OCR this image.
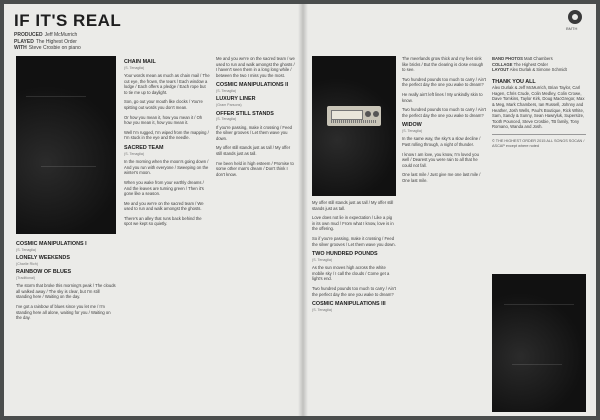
IF IT'S REAL
PRODUCED Jeff McMurrich
PLAYED The Highest Order
WITH Steve Crosbie on piano
BMTH
COSMIC MANIPULATIONS I
(S. Tenaglia)
LONELY WEEKENDS
(Charlie Rich)
RAINBOW OF BLUES
(Traditional)

The storm that broke this morning's peak / The clouds all walked away / The sky is clear, but I'm still standing here / Waiting on the day.

I've got a rainbow of blues since you let me / I'm standing here all alone, waiting for you / Waiting on the day.

CHAIN MAIL
(S. Tenaglia)

Your words mean as much as chain mail / The cut eye, the frown, the tears / Each window a lodge / Each offers a pledge / Each rope but to tie me up to daylight.

Son, go out your mouth like clocks / You're spitting out words you don't mean.

Or how you mean it, how you mean it / Oh how you mean it, how you mean it.

Well I'm rugged, I'm wiped from the mapping / I'm stuck in the eye and the needle.

SACRED TEAM
(S. Tenaglia)

In the morning when the moon's going down / And you run with everyone / Sweeping on the winter's moon.

When you wake from your earthly dreams / And the leaves are turning green / Then it's gone like a season.

Me and you we're on the sacred team / We used to run and walk amongst the ghosts.

There's an alley that runs back behind the spot we kept so quietly.

Me and you we're on the sacred team / we used to run and walk amongst the ghosts / I haven't seen them in a long long while / between the two I miss you the most.

COSMIC MANIPULATIONS II
(S. Tenaglia)
LUXURY LINER
(Gram Parsons)
OFFER STILL STANDS
(S. Tenaglia)

If you're passing, make it crossing / Feed the silver grooves / Let them wave you down.

My offer still stands just as tall / My offer still stands just as tall.

I've been held in high esteem / Promise to some other man's dream / Don't think I don't know.

My offer still stands just as tall / My offer still stands just as tall.

Love does not lie in expectation / Like a pig in its own mud / From what I know, love is in the offering.

So if you're passing, make it crossing / Feed the silver grooves / Let them wave you down.

TWO HUNDRED POUNDS
(S. Tenaglia)

As the sun moves high across the white mobile sky / I call the clouds / Come get a light's end.

Two hundred pounds too much to carry / Ain't the perfect day the one you wake to dream?

COSMIC MANIPULATIONS III
(S. Tenaglia)

The meerlands grow thick and my feet sink like bricks / But the clearing is close enough to see.

Two hundred pounds too much to carry / Ain't the perfect day the one you wake to dream?

He really ain't left lines / My unkindly skin to know.

Two hundred pounds too much to carry / Ain't the perfect day the one you wake to dream?

WIDOW
(S. Tenaglia)

In the same way, the sky's a slow decline / Past rolling through, a night of thunder.

I know I am love, you know, I'm loved you well / Dearest you were rain to all that he could not fall.

One last mile / Just give me one last mile / One last mile.

BAND PHOTOS Matt Chambers
COLLAGE The Highest Order
LAYOUT Alex Durlak & Simone Schmidt
THANK YOU ALL

Alex Durlak & Jeff McMurrich, Brian Taylor, Carl Hagen, Chris Crude, Colin Medley, Colin Crowe, Dave Tomkins, Taylor Kirk, Doug MacGregor, Max & Meg, Mark Chambers, Ian Russell, Johnny and Heather, Josh Wells, Paul's Boutique, Rick White, Sam, Sandy & Sunny, Sean Hawryluk, Supersize, Tooth Pounced, Steve Crosbie, TB family, Tony Romano, Wanda and Josh.

© THE HIGHEST ORDER 2015 ALL SONGS SOCAN / ASCAP except where noted
